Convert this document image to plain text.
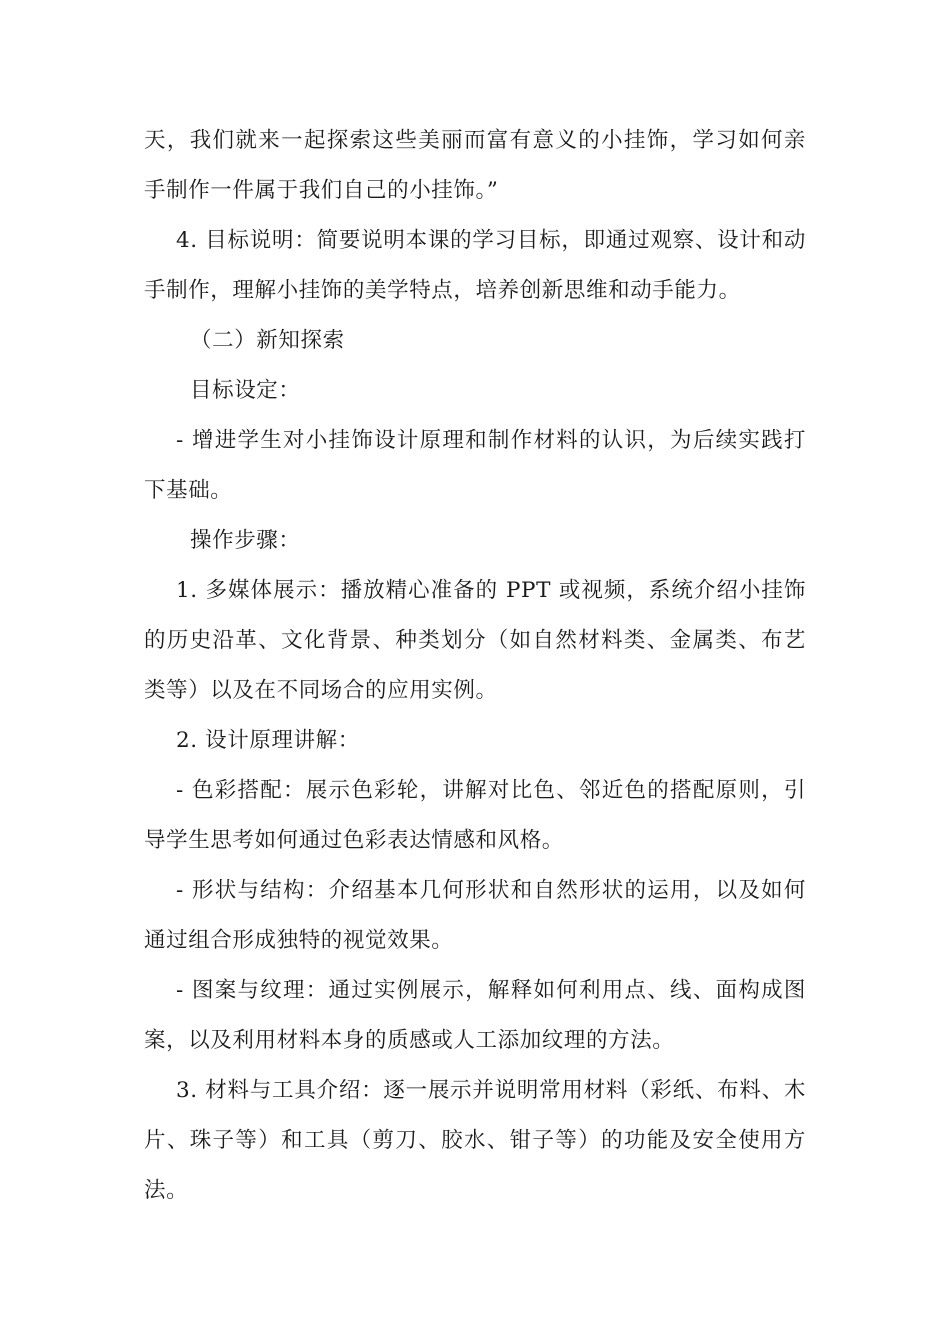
天，我们就来一起探索这些美丽而富有意义的小挂饰，学习如何亲手制作一件属于我们自己的小挂饰。”

4. 目标说明：简要说明本课的学习目标，即通过观察、设计和动手制作，理解小挂饰的美学特点，培养创新思维和动手能力。

（二）新知探索

目标设定：

- 增进学生对小挂饰设计原理和制作材料的认识，为后续实践打下基础。

操作步骤：

1. 多媒体展示：播放精心准备的 PPT 或视频，系统介绍小挂饰的历史沿革、文化背景、种类划分（如自然材料类、金属类、布艺类等）以及在不同场合的应用实例。

2. 设计原理讲解：

- 色彩搭配：展示色彩轮，讲解对比色、邻近色的搭配原则，引导学生思考如何通过色彩表达情感和风格。

- 形状与结构：介绍基本几何形状和自然形状的运用，以及如何通过组合形成独特的视觉效果。

- 图案与纹理：通过实例展示，解释如何利用点、线、面构成图案，以及利用材料本身的质感或人工添加纹理的方法。

3. 材料与工具介绍：逐一展示并说明常用材料（彩纸、布料、木片、珠子等）和工具（剪刀、胶水、钳子等）的功能及安全使用方法。
